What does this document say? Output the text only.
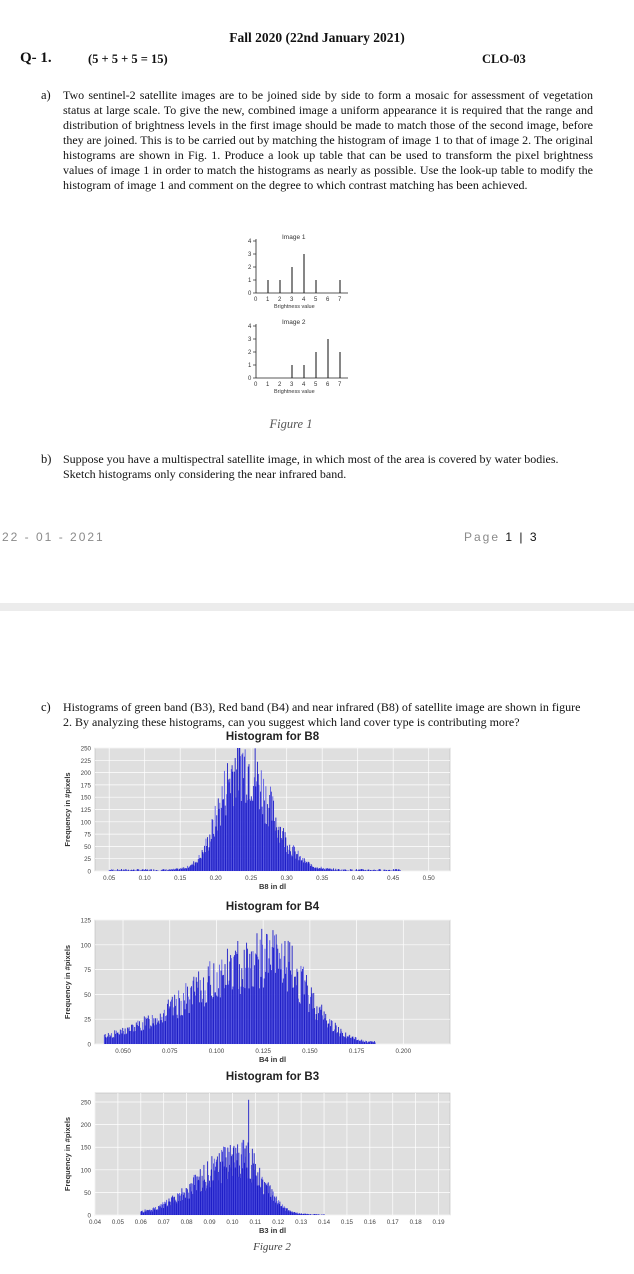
Fall 2020 (22nd January 2021)
Q- 1.	(5 + 5 + 5 = 15)	CLO-03
a) Two sentinel-2 satellite images are to be joined side by side to form a mosaic for assessment of vegetation status at large scale. To give the new, combined image a uniform appearance it is required that the range and distribution of brightness levels in the first image should be made to match those of the second image, before they are joined. This is to be carried out by matching the histogram of image 1 to that of image 2. The original histograms are shown in Fig. 1. Produce a look up table that can be used to transform the pixel brightness values of image 1 in order to match the histograms as nearly as possible. Use the look-up table to modify the histogram of image 1 and comment on the degree to which contrast matching has been achieved.
Image 1
0
1
2
3
4
0 1 2 3 4 5 6 7
Brightness value
Image 2
0
1
2
3
4
0 1 2 3 4 5 6 7
Brightness value
Figure 1
b) Suppose you have a multispectral satellite image, in which most of the area is covered by water bodies. Sketch histograms only considering the near infrared band.
22 - 01 - 2021	Page 1 | 3
c) Histograms of green band (B3), Red band (B4) and near infrared (B8) of satellite image are shown in figure 2. By analyzing these histograms, can you suggest which land cover type is contributing more?
Histogram for B8
0
25
50
75
100
125
150
175
200
225
250
0.05	0.10	0.15	0.20	0.25	0.30	0.35	0.40	0.45	0.50
B8 in dl
Frequency in #pixels
Histogram for B4
0
25
50
75
100
125
0.050	0.075	0.100	0.125	0.150	0.175	0.200
B4 in dl
Frequency in #pixels
Histogram for B3
0
50
100
150
200
250
0.04 0.05 0.06 0.07 0.08 0.09 0.10 0.11 0.12 0.13 0.14 0.15 0.16 0.17 0.18 0.19
B3 in dl
Frequency in #pixels
Figure 2
